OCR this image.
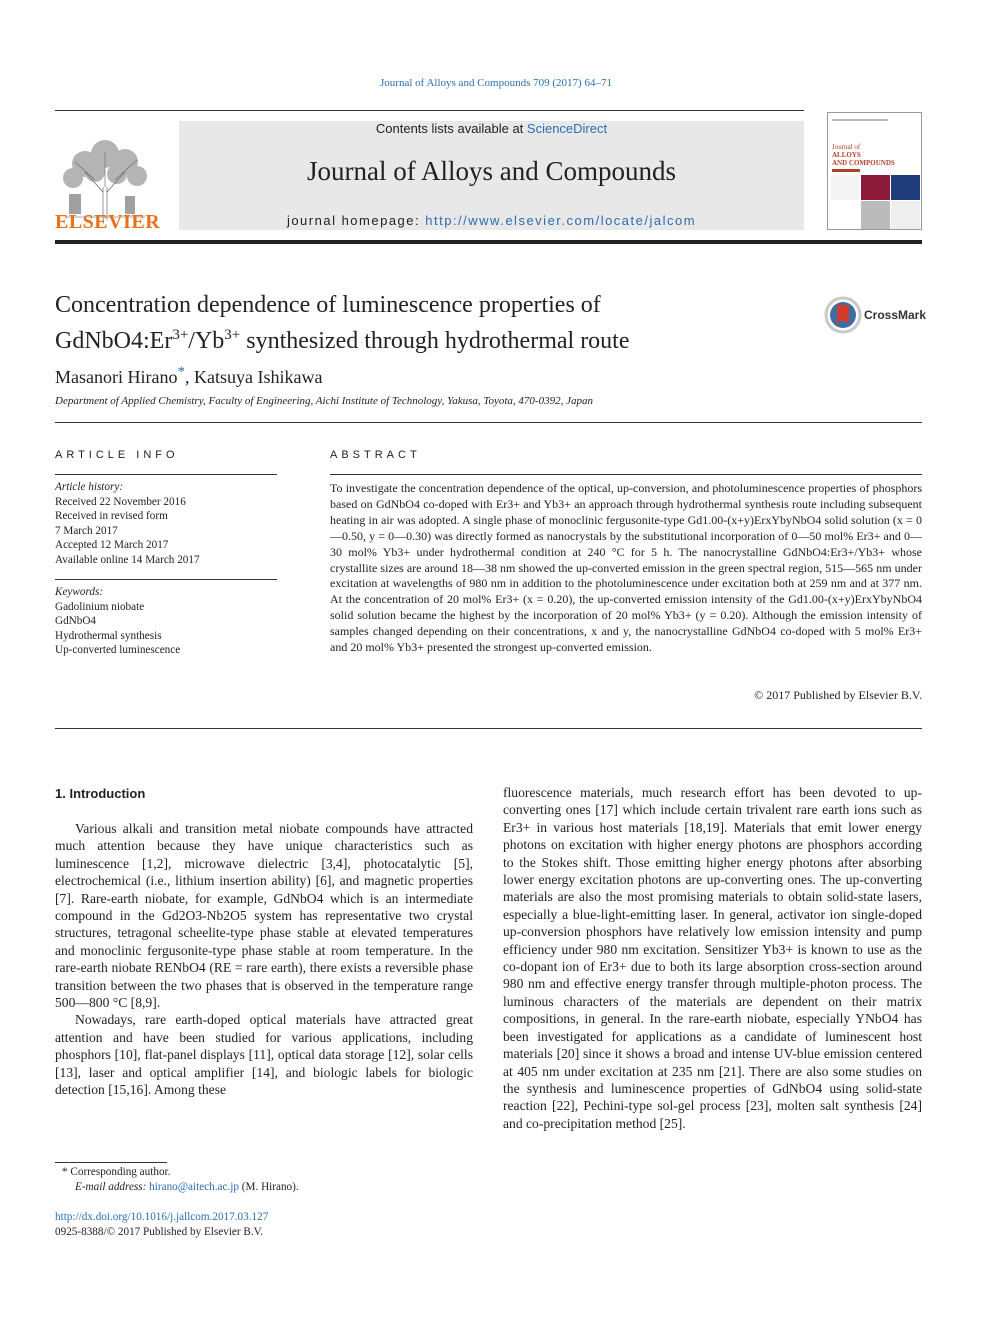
Journal of Alloys and Compounds 709 (2017) 64–71
ELSEVIER
Contents lists available at ScienceDirect
Journal of Alloys and Compounds
journal homepage: http://www.elsevier.com/locate/jalcom
Journal of
ALLOYS
AND COMPOUNDS
Concentration dependence of luminescence properties of
$GdNbO4:Er^{3+}/Yb^{3+}$ synthesized through hydrothermal route
CrossMark
Masanori Hirano*, Katsuya Ishikawa
Department of Applied Chemistry, Faculty of Engineering, Aichi Institute of Technology, Yakusa, Toyota, 470-0392, Japan
ARTICLE INFO
Article history:
Received 22 November 2016
Received in revised form
7 March 2017
Accepted 12 March 2017
Available online 14 March 2017
Keywords:
Gadolinium niobate
GdNbO4
Hydrothermal synthesis
Up-converted luminescence
ABSTRACT
To investigate the concentration dependence of the optical, up-conversion, and photoluminescence properties of phosphors based on GdNbO4 co-doped with Er3+ and Yb3+ an approach through hydrothermal synthesis route including subsequent heating in air was adopted. A single phase of monoclinic fergusonite-type Gd1.00-(x+y)ErxYbyNbO4 solid solution (x = 0—0.50, y = 0—0.30) was directly formed as nanocrystals by the substitutional incorporation of 0—50 mol% Er3+ and 0—30 mol% Yb3+ under hydrothermal condition at 240 °C for 5 h. The nanocrystalline GdNbO4:Er3+/Yb3+ whose crystallite sizes are around 18—38 nm showed the up-converted emission in the green spectral region, 515—565 nm under excitation at wavelengths of 980 nm in addition to the photoluminescence under excitation both at 259 nm and at 377 nm. At the concentration of 20 mol% Er3+ (x = 0.20), the up-converted emission intensity of the Gd1.00-(x+y)ErxYbyNbO4 solid solution became the highest by the incorporation of 20 mol% Yb3+ (y = 0.20). Although the emission intensity of samples changed depending on their concentrations, x and y, the nanocrystalline GdNbO4 co-doped with 5 mol% Er3+ and 20 mol% Yb3+ presented the strongest up-converted emission.
© 2017 Published by Elsevier B.V.
1. Introduction

Various alkali and transition metal niobate compounds have attracted much attention because they have unique characteristics such as luminescence [1,2], microwave dielectric [3,4], photocatalytic [5], electrochemical (i.e., lithium insertion ability) [6], and magnetic properties [7]. Rare-earth niobate, for example, GdNbO4 which is an intermediate compound in the Gd2O3-Nb2O5 system has representative two crystal structures, tetragonal scheelite-type phase stable at elevated temperatures and monoclinic fergusonite-type phase stable at room temperature. In the rare-earth niobate RENbO4 (RE = rare earth), there exists a reversible phase transition between the two phases that is observed in the temperature range 500—800 °C [8,9].

Nowadays, rare earth-doped optical materials have attracted great attention and have been studied for various applications, including phosphors [10], flat-panel displays [11], optical data storage [12], solar cells [13], laser and optical amplifier [14], and biologic labels for biologic detection [15,16]. Among these

fluorescence materials, much research effort has been devoted to up-converting ones [17] which include certain trivalent rare earth ions such as Er3+ in various host materials [18,19]. Materials that emit lower energy photons on excitation with higher energy photons are phosphors according to the Stokes shift. Those emitting higher energy photons after absorbing lower energy excitation photons are up-converting ones. The up-converting materials are also the most promising materials to obtain solid-state lasers, especially a blue-light-emitting laser. In general, activator ion single-doped up-conversion phosphors have relatively low emission intensity and pump efficiency under 980 nm excitation. Sensitizer Yb3+ is known to use as the co-dopant ion of Er3+ due to both its large absorption cross-section around 980 nm and effective energy transfer through multiple-photon process. The luminous characters of the materials are dependent on their matrix compositions, in general. In the rare-earth niobate, especially YNbO4 has been investigated for applications as a candidate of luminescent host materials [20] since it shows a broad and intense UV-blue emission centered at 405 nm under excitation at 235 nm [21]. There are also some studies on the synthesis and luminescence properties of GdNbO4 using solid-state reaction [22], Pechini-type sol-gel process [23], molten salt synthesis [24] and co-precipitation method [25].

* Corresponding author.
E-mail address: hirano@aitech.ac.jp (M. Hirano).
http://dx.doi.org/10.1016/j.jallcom.2017.03.127
0925-8388/© 2017 Published by Elsevier B.V.
